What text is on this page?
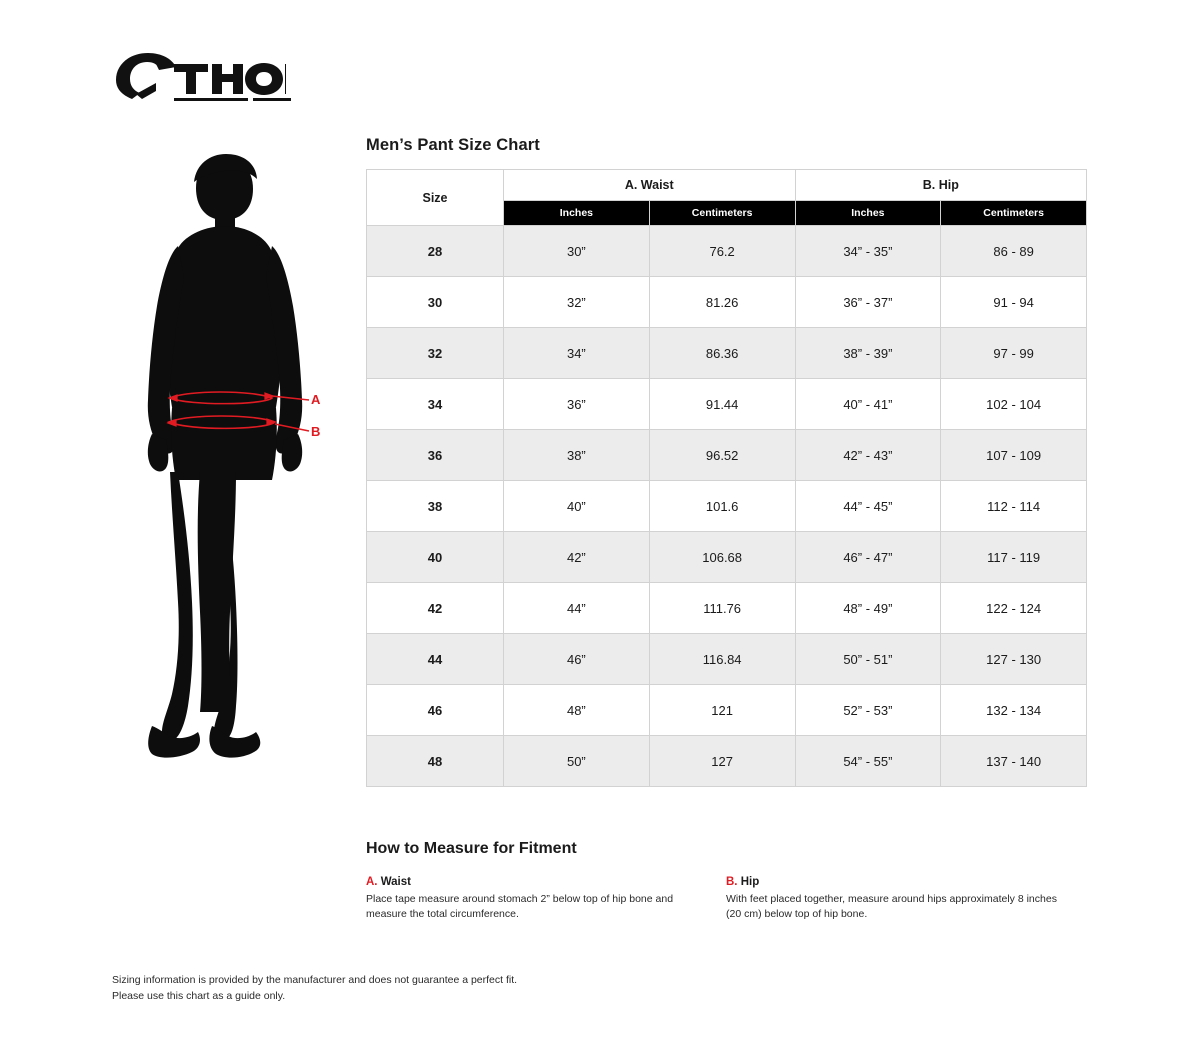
A
B
Men’s Pant Size Chart
Size	A. Waist		B. Hip	
	Inches	Centimeters	Inches	Centimeters
28	30”	76.2	34” - 35”	86 - 89
30	32”	81.26	36” - 37”	91 - 94
32	34”	86.36	38” - 39”	97 - 99
34	36”	91.44	40” - 41”	102 - 104
36	38”	96.52	42” - 43”	107 - 109
38	40”	101.6	44” - 45”	112 - 114
40	42”	106.68	46” - 47”	117 - 119
42	44”	111.76	48” - 49”	122 - 124
44	46”	116.84	50” - 51”	127 - 130
46	48”	121	52” - 53”	132 - 134
48	50”	127	54” - 55”	137 - 140
How to Measure for Fitment
A. Waist
Place tape measure around stomach 2” below top of hip bone and measure the total circumference.
B. Hip
With feet placed together, measure around hips approximately 8 inches (20 cm) below top of hip bone.
Sizing information is provided by the manufacturer and does not guarantee a perfect fit.
Please use this chart as a guide only.
